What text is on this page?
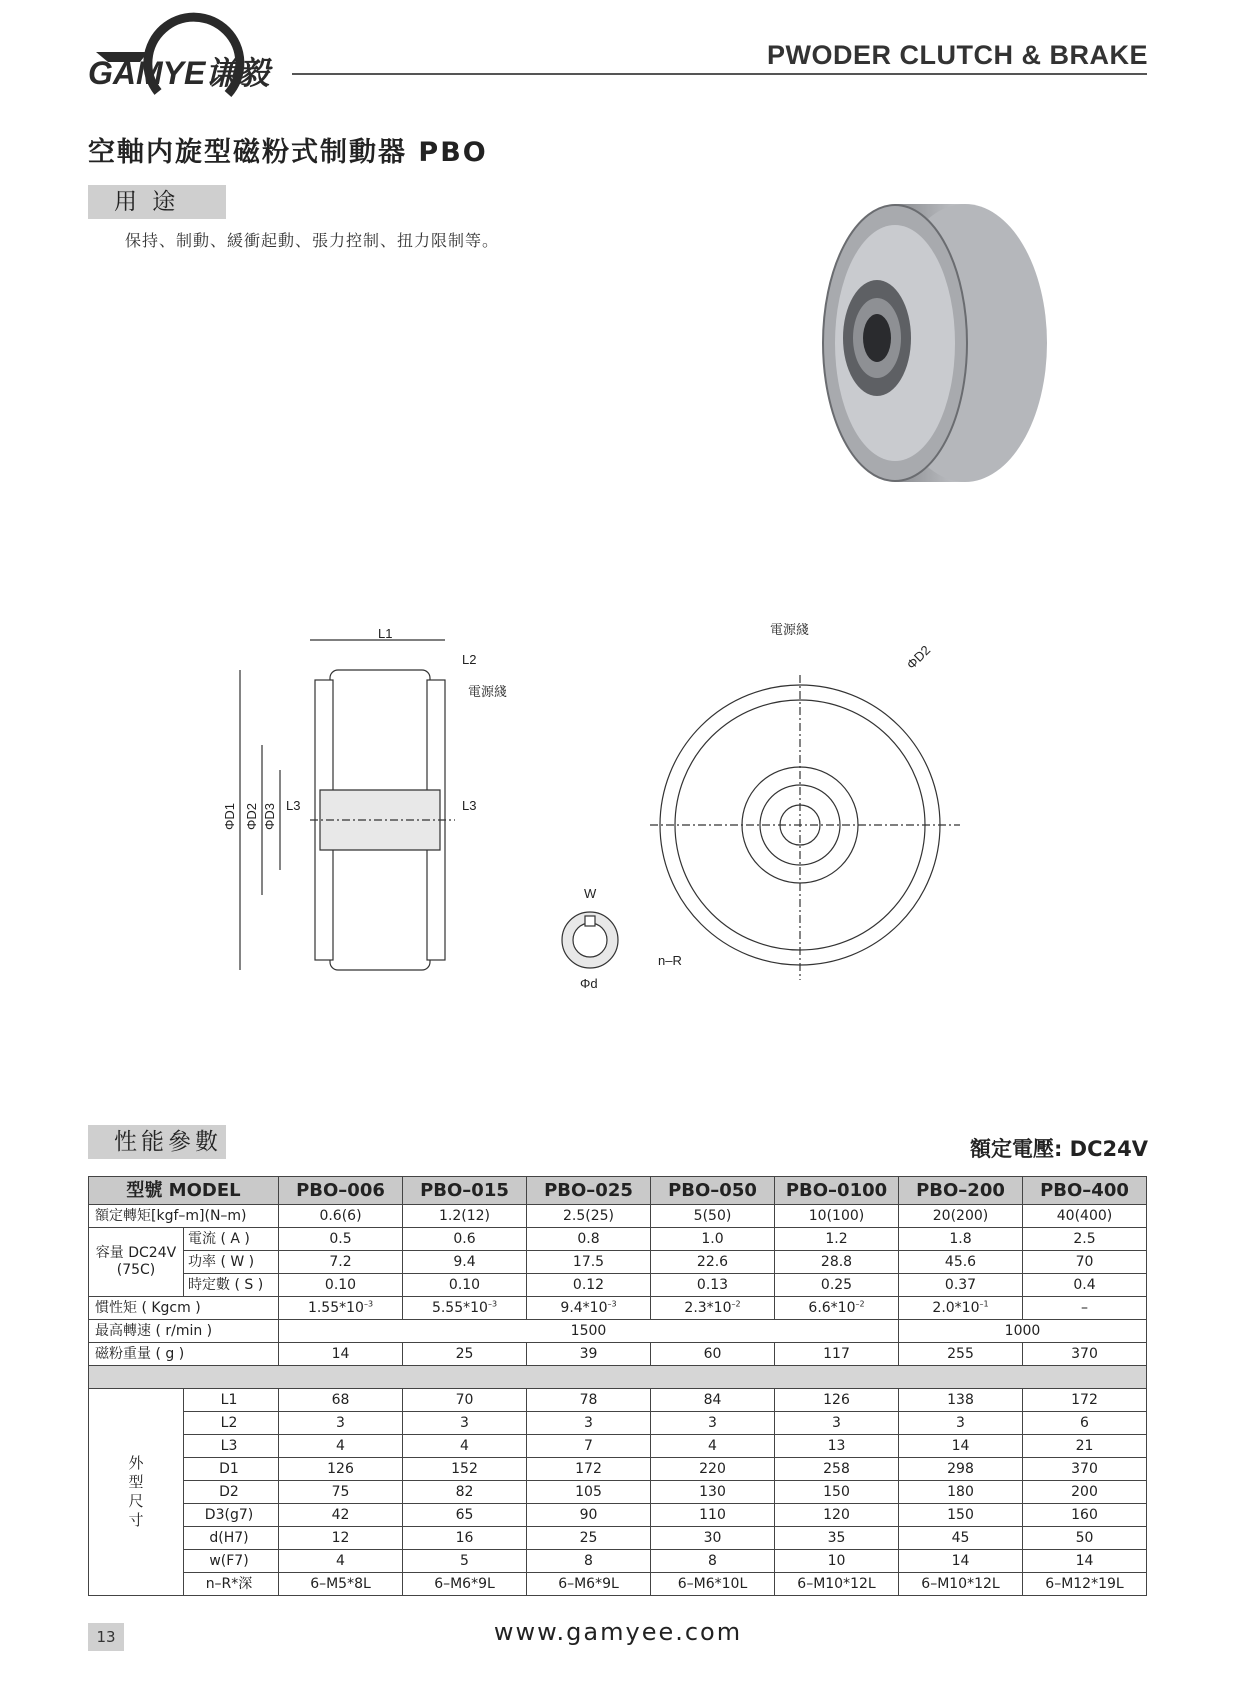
GAMYE谦毅	PWODER CLUTCH & BRAKE
空軸内旋型磁粉式制動器 PBO
用 途
保持、制動、緩衝起動、張力控制、扭力限制等。
L1
L2
電源綫
L3	L3
ΦD1 ΦD2 ΦD3
W
Φd
電源綫
ΦD2
n–R
性能參數	額定電壓: DC24V
型號 MODEL		PBO–006	PBO–015	PBO–025	PBO–050	PBO–0100	PBO–200	PBO–400
額定轉矩[kgf–m](N–m)		0.6(6)	1.2(12)	2.5(25)	5(50)	10(100)	20(200)	40(400)
容量 DC24V (75C)	電流 ( A )	0.5	0.6	0.8	1.0	1.2	1.8	2.5
	功率 ( W )	7.2	9.4	17.5	22.6	28.8	45.6	70
	時定數 ( S )	0.10	0.10	0.12	0.13	0.25	0.37	0.4
慣性矩 ( Kgcm )		$1.55*10^{-3}$	$5.55*10^{-3}$	$9.4*10^{-3}$	$2.3*10^{-2}$	$6.6*10^{-2}$	$2.0*10^{-1}$	–
最高轉速 ( r/min )		1500					1000	
磁粉重量 ( g )		14	25	39	60	117	255	370

外
型
尺
寸	L1	68	70	78	84	126	138	172
	L2	3	3	3	3	3	3	6
	L3	4	4	7	4	13	14	21
	D1	126	152	172	220	258	298	370
	D2	75	82	105	130	150	180	200
	D3(g7)	42	65	90	110	120	150	160
	d(H7)	12	16	25	30	35	45	50
	w(F7)	4	5	8	8	10	14	14
	n–R*深	6–M5*8L	6–M6*9L	6–M6*9L	6–M6*10L	6–M10*12L	6–M10*12L	6–M12*19L
13	www.gamyee.com
